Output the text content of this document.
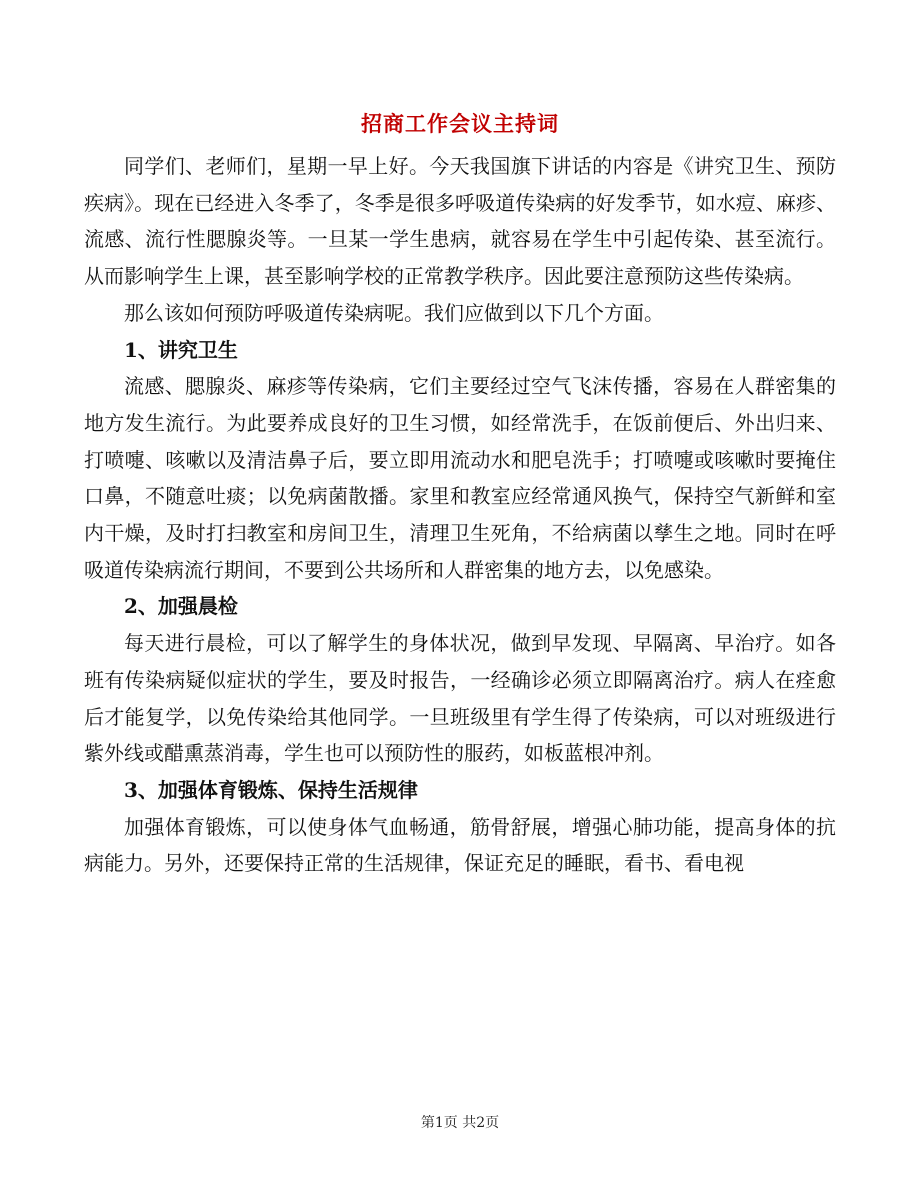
招商工作会议主持词

同学们、老师们，星期一早上好。今天我国旗下讲话的内容是《讲究卫生、预防疾病》。现在已经进入冬季了，冬季是很多呼吸道传染病的好发季节，如水痘、麻疹、流感、流行性腮腺炎等。一旦某一学生患病，就容易在学生中引起传染、甚至流行。从而影响学生上课，甚至影响学校的正常教学秩序。因此要注意预防这些传染病。

那么该如何预防呼吸道传染病呢。我们应做到以下几个方面。

1、讲究卫生

流感、腮腺炎、麻疹等传染病，它们主要经过空气飞沫传播，容易在人群密集的地方发生流行。为此要养成良好的卫生习惯，如经常洗手，在饭前便后、外出归来、打喷嚏、咳嗽以及清洁鼻子后，要立即用流动水和肥皂洗手；打喷嚏或咳嗽时要掩住口鼻，不随意吐痰；以免病菌散播。家里和教室应经常通风换气，保持空气新鲜和室内干燥，及时打扫教室和房间卫生，清理卫生死角，不给病菌以孳生之地。同时在呼吸道传染病流行期间，不要到公共场所和人群密集的地方去，以免感染。

2、加强晨检

每天进行晨检，可以了解学生的身体状况，做到早发现、早隔离、早治疗。如各班有传染病疑似症状的学生，要及时报告，一经确诊必须立即隔离治疗。病人在痊愈后才能复学，以免传染给其他同学。一旦班级里有学生得了传染病，可以对班级进行紫外线或醋熏蒸消毒，学生也可以预防性的服药，如板蓝根冲剂。

3、加强体育锻炼、保持生活规律

加强体育锻炼，可以使身体气血畅通，筋骨舒展，增强心肺功能，提高身体的抗病能力。另外，还要保持正常的生活规律，保证充足的睡眠，看书、看电视

第1页 共2页
